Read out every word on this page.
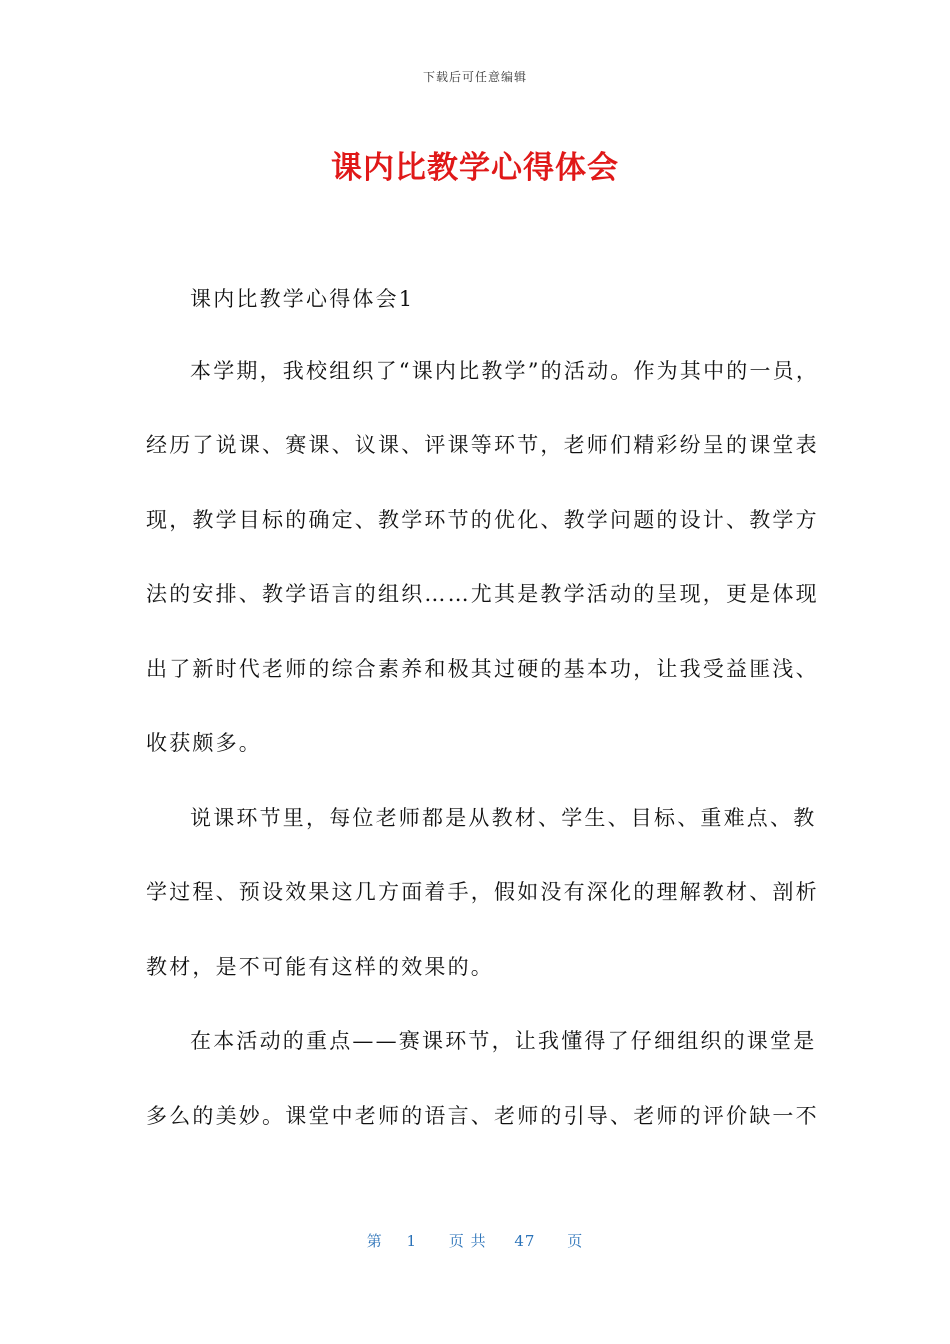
下载后可任意编辑
课内比教学心得体会
课内比教学心得体会1
本学期，我校组织了“课内比教学”的活动。作为其中的一员，
经历了说课、赛课、议课、评课等环节，老师们精彩纷呈的课堂表
现，教学目标的确定、教学环节的优化、教学问题的设计、教学方
法的安排、教学语言的组织……尤其是教学活动的呈现，更是体现
出了新时代老师的综合素养和极其过硬的基本功，让我受益匪浅、
收获颇多。
说课环节里，每位老师都是从教材、学生、目标、重难点、教
学过程、预设效果这几方面着手，假如没有深化的理解教材、剖析
教材，是不可能有这样的效果的。
在本活动的重点——赛课环节，让我懂得了仔细组织的课堂是
多么的美妙。课堂中老师的语言、老师的引导、老师的评价缺一不
第 1 页 共 47 页
